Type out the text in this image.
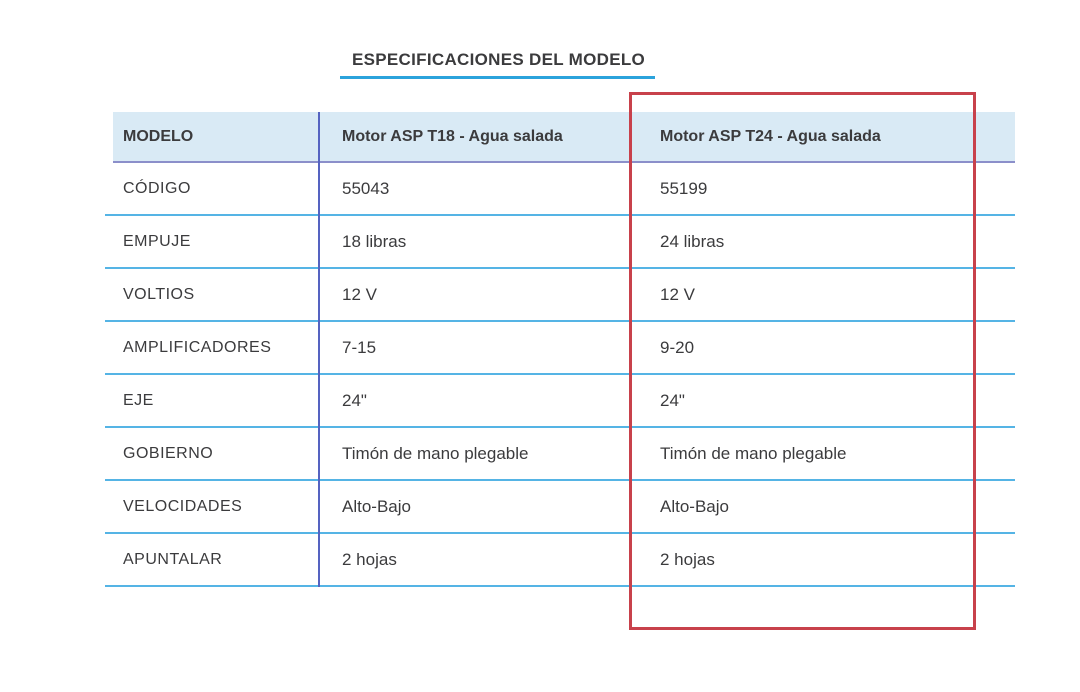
ESPECIFICACIONES DEL MODELO
MODELO	Motor ASP T18 - Agua salada	Motor ASP T24 - Agua salada
CÓDIGO	55043	55199
EMPUJE	18 libras	24 libras
VOLTIOS	12 V	12 V
AMPLIFICADORES	7-15	9-20
EJE	24"	24"
GOBIERNO	Timón de mano plegable	Timón de mano plegable
VELOCIDADES	Alto-Bajo	Alto-Bajo
APUNTALAR	2 hojas	2 hojas
